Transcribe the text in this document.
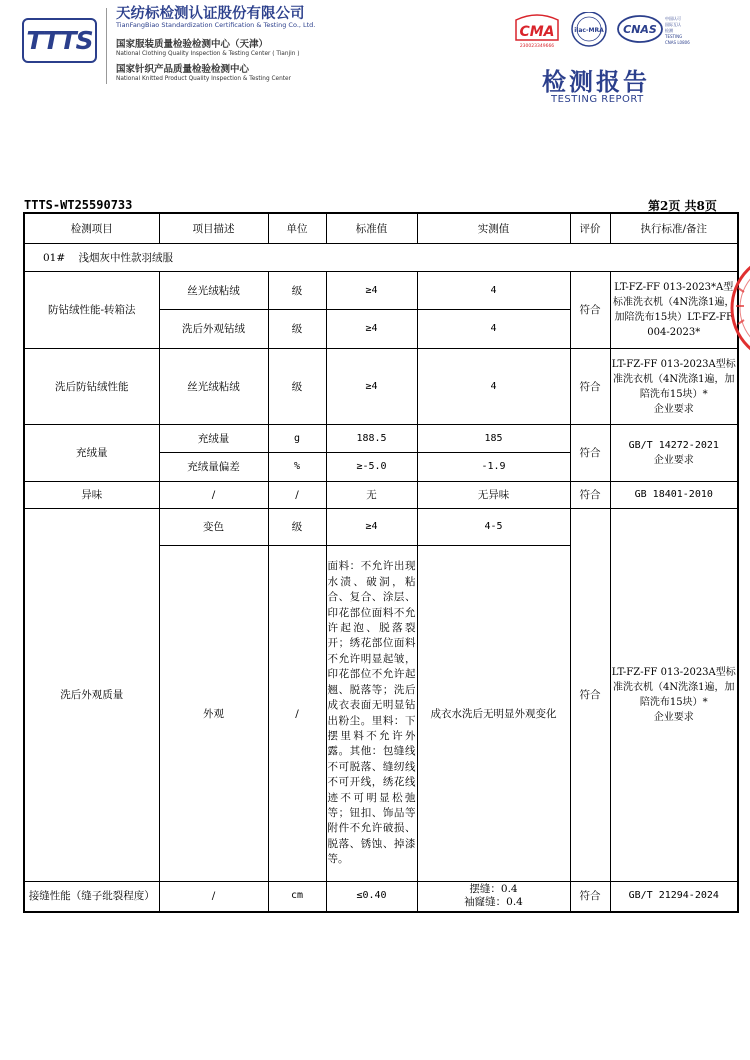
TTTS
天纺标检测认证股份有限公司
TianFangBiao Standardization Certification & Testing Co., Ltd.
国家服装质量检验检测中心（天津）
National Clothing Quality Inspection & Testing Center ( Tianjin )
国家针织产品质量检验检测中心
National Knitted Product Quality Inspection & Testing Center
CMA
230023349666
ilac-MRA CNAS
中国认可
国际互认
检测
TESTING
CNAS L0806
检测报告
TESTING REPORT
TTTS-WT25590733	第2页 共8页
检测项目	项目描述	单位	标准值	实测值	评价	执行标准/备注
01#    浅烟灰中性款羽绒服						
防钻绒性能-转箱法	丝光绒粘绒	级	≥4	4	符合	LT-FZ-FF 013-2023*A型标准洗衣机（4N洗涤1遍，加陪洗布15块）LT-FZ-FF 004-2023*
	洗后外观钻绒	级	≥4	4		
洗后防钻绒性能	丝光绒粘绒	级	≥4	4	符合	LT-FZ-FF 013-2023A型标准洗衣机（4N洗涤1遍，加陪洗布15块）*
企业要求

充绒量	充绒量	g	188.5	185	符合	GB/T 14272-2021
企业要求

	充绒量偏差	%	≥-5.0	-1.9		
异味	/	/	无	无异味	符合	GB 18401-2010
洗后外观质量	变色	级	≥4	4-5	符合	LT-FZ-FF 013-2023A型标准洗衣机（4N洗涤1遍，加陪洗布15块）*
企业要求

	外观	/	面料：不允许出现水渍、破洞，粘合、复合、涂层、印花部位面料不允许起泡、脱落裂开；绣花部位面料不允许明显起皱，印花部位不允许起翘、脱落等；洗后成衣表面无明显钻出粉尘。里料：下摆里料不允许外露。其他：包缝线不可脱落、缝纫线不可开线，绣花线迹不可明显松弛等；钮扣、饰品等附件不允许破损、脱落、锈蚀、掉漆等。	成衣水洗后无明显外观变化		
接缝性能（缝子纰裂程度）	/	cm	≤0.40	摆缝：0.4
袖窿缝：0.4	符合	GB/T 21294-2024
